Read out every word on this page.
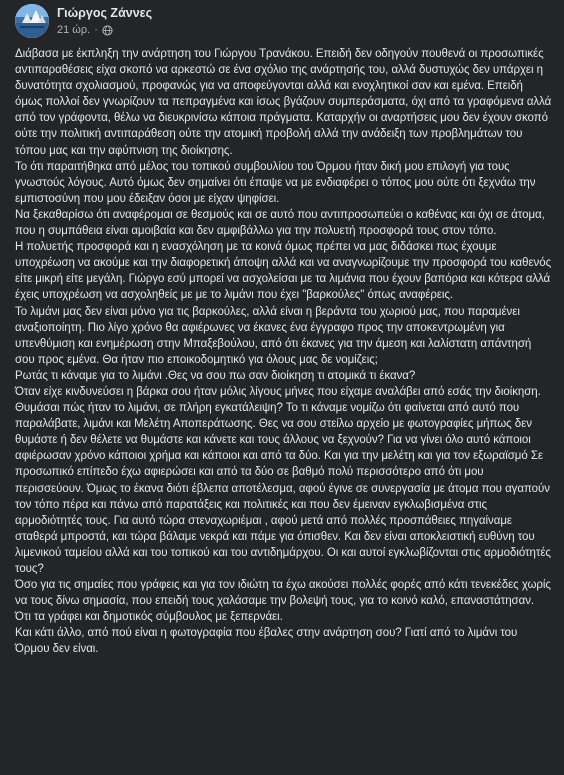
Γιώργος Ζάννες
21 ώρ. ·

Διάβασα με έκπληξη την ανάρτηση του Γιώργου Τρανάκου. Επειδή δεν οδηγούν πουθενά οι προσωπικές αντιπαραθέσεις είχα σκοπό να αρκεστώ σε ένα σχόλιο της ανάρτησής του, αλλά δυστυχώς δεν υπάρχει η δυνατότητα σχολιασμού, προφανώς για να αποφεύγονται αλλά και ενοχλητικοί σαν και εμένα. Επειδή όμως πολλοί δεν γνωρίζουν τα πεπραγμένα και ίσως βγάζουν συμπεράσματα, όχι από τα γραφόμενα αλλά από τον γράφοντα, θέλω να διευκρινίσω κάποια πράγματα. Καταρχήν οι αναρτήσεις μου δεν έχουν σκοπό ούτε την πολιτική αντιπαράθεση ούτε την ατομική προβολή αλλά την ανάδειξη των προβλημάτων του τόπου μας και την αφύπνιση της διοίκησης.

Το ότι παραιτήθηκα από μέλος του τοπικού συμβουλίου του Όρμου ήταν δική μου επιλογή για τους γνωστούς λόγους. Αυτό όμως δεν σημαίνει ότι έπαψε να με ενδιαφέρει ο τόπος μου ούτε ότι ξεχνάω την εμπιστοσύνη που μου έδειξαν όσοι με είχαν ψηφίσει.

Να ξεκαθαρίσω ότι αναφέρομαι σε θεσμούς και σε αυτό που αντιπροσωπεύει ο καθένας και όχι σε άτομα, που η συμπάθεια είναι αμοιβαία και δεν αμφιβάλλω για την πολυετή προσφορά τους στον τόπο.

Η πολυετής προσφορά και η ενασχόληση με τα κοινά όμως πρέπει να μας διδάσκει πως έχουμε υποχρέωση να ακούμε και την διαφορετική άποψη αλλά και να αναγνωρίζουμε την προσφορά του καθενός είτε μικρή είτε μεγάλη. Γιώργο εσύ μπορεί να ασχολείσαι με τα λιμάνια που έχουν βαπόρια και κότερα αλλά έχεις υποχρέωση να ασχοληθείς με με το λιμάνι που έχει "βαρκούλες" όπως αναφέρεις.

Το λιμάνι μας δεν είναι μόνο για τις βαρκούλες, αλλά είναι η βεράντα του χωριού μας, που παραμένει αναξιοποίητη. Πιο λίγο χρόνο θα αφιέρωνες να έκανες ένα έγγραφο προς την αποκεντρωμένη για υπενθύμιση και ενημέρωση στην Μπαξεβούλου, από ότι έκανες για την άμεση και λαλίστατη απάντησή σου προς εμένα. Θα ήταν πιο εποικοδομητικό για όλους μας δε νομίζεις;

Ρωτάς τι κάναμε για το λιμάνι .Θες να σου πω σαν διοίκηση τι ατομικά τι έκανα?

Όταν είχε κινδυνεύσει η βάρκα σου ήταν μόλις λίγους μήνες που είχαμε αναλάβει από εσάς την διοίκηση. Θυμάσαι πώς ήταν το λιμάνι, σε πλήρη εγκατάλειψη? Το τι κάναμε νομίζω ότι φαίνεται από αυτό που παραλάβατε, λιμάνι και Μελέτη Αποπεράτωσης. Θες να σου στείλω αρχείο με φωτογραφίες μήπως δεν θυμάστε ή δεν θέλετε να θυμάστε και κάνετε και τους άλλους να ξεχνούν? Για να γίνει όλο αυτό κάποιοι αφιέρωσαν χρόνο κάποιοι χρήμα και κάποιοι και από τα δύο. Και για την μελέτη και για τον εξωραϊσμό Σε προσωπικό επίπεδο έχω αφιερώσει και από τα δύο σε βαθμό πολύ περισσότερο από ότι μου περισσεύουν. Όμως το έκανα διότι έβλεπα αποτέλεσμα, αφού έγινε σε συνεργασία με άτομα που αγαπούν τον τόπο πέρα και πάνω από παρατάξεις και πολιτικές και που δεν έμειναν εγκλωβισμένα στις αρμοδιότητές τους. Για αυτό τώρα στεναχωριέμαι , αφού μετά από πολλές προσπάθειες πηγαίναμε σταθερά μπροστά, και τώρα βάλαμε νεκρά και πάμε για όπισθεν. Και δεν είναι αποκλειστική ευθύνη του λιμενικού ταμείου αλλά και του τοπικού και του αντιδημάρχου. Οι και αυτοί εγκλωβίζονται στις αρμοδιότητές τους?

Όσο για τις σημαίες που γράφεις και για τον ιδιώτη τα έχω ακούσει πολλές φορές από κάτι τενεκέδες χωρίς να τους δίνω σημασία, που επειδή τους χαλάσαμε την βολεψή τους, για το κοινό καλό, επαναστάτησαν. Ότι τα γράφει και δημοτικός σύμβουλος με ξεπερνάει.

Και κάτι άλλο, από πού είναι η φωτογραφία που έβαλες στην ανάρτηση σου? Γιατί από το λιμάνι του Όρμου δεν είναι.
